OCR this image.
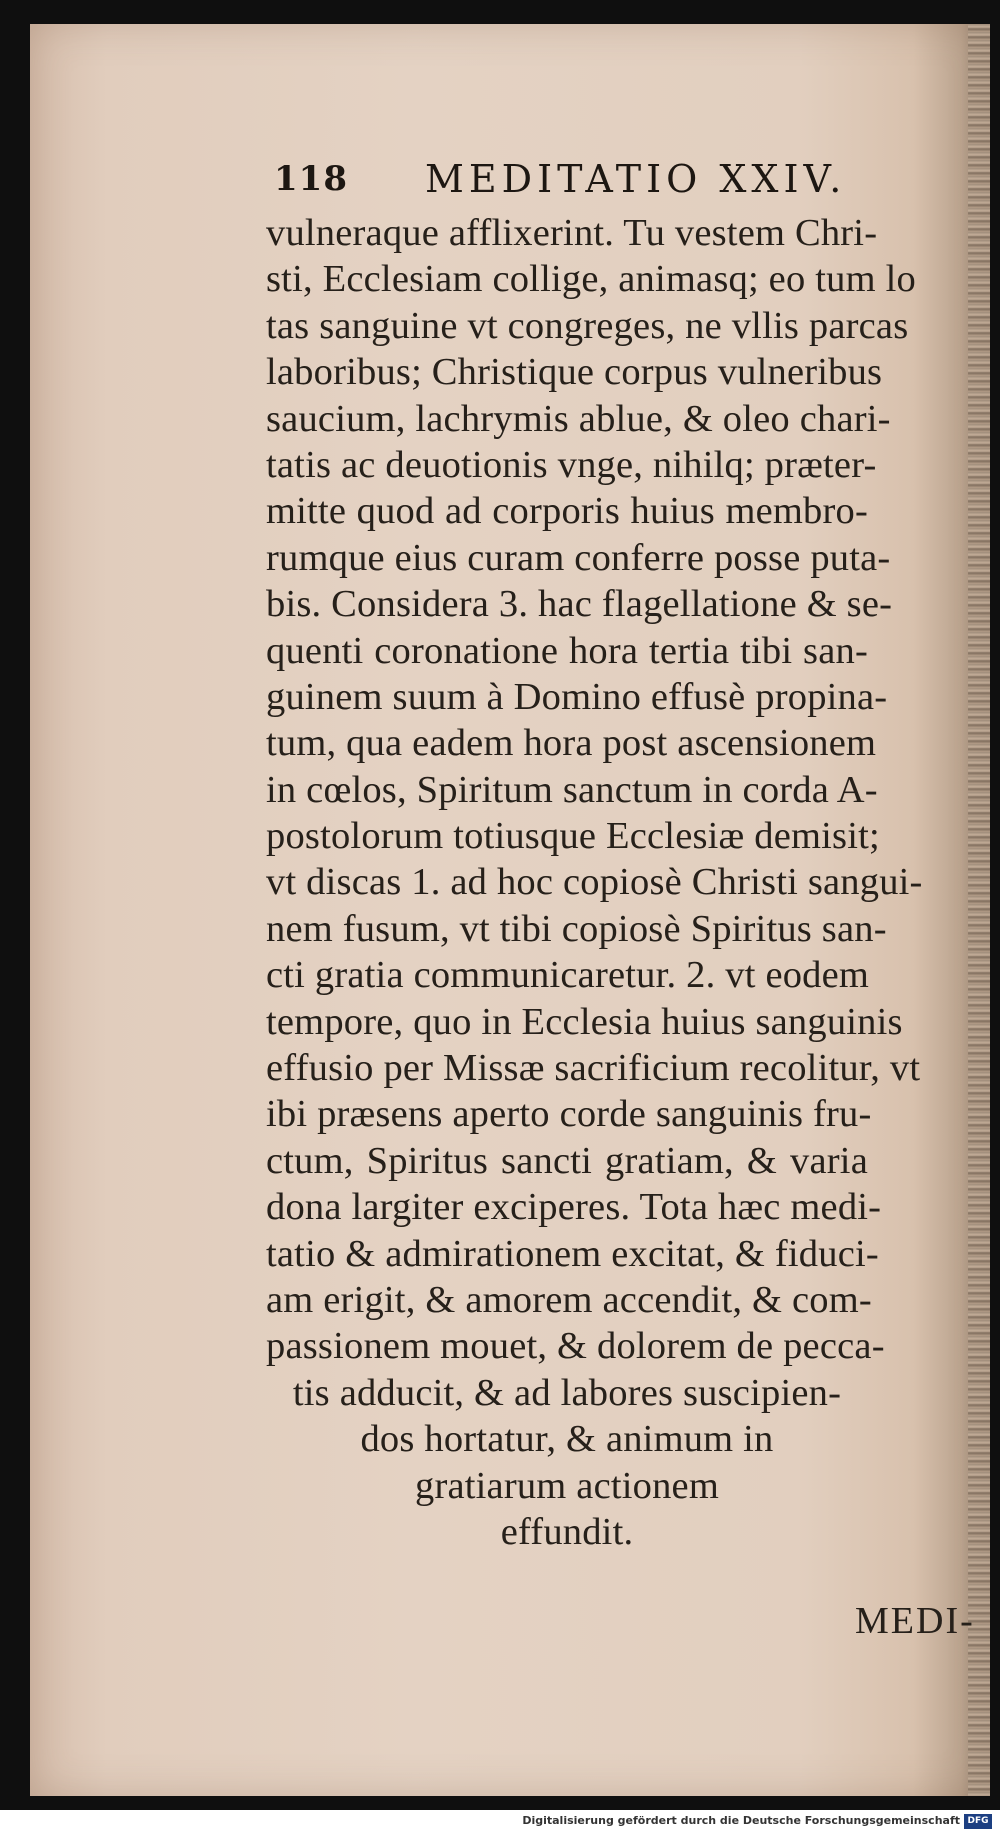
118 MEDITATIO XXIV.
vulneraque afflixerint. Tu vestem Chri-
sti, Ecclesiam collige, animasq; eo tum lo
tas sanguine vt congreges, ne vllis parcas
laboribus; Christique corpus vulneribus
saucium, lachrymis ablue, & oleo chari-
tatis ac deuotionis vnge, nihilq; præter-
mitte quod ad corporis huius membro-
rumque eius curam conferre posse puta-
bis. Considera 3. hac flagellatione & se-
quenti coronatione hora tertia tibi san-
guinem suum à Domino effusè propina-
tum, qua eadem hora post ascensionem
in cœlos, Spiritum sanctum in corda A-
postolorum totiusque Ecclesiæ demisit;
vt discas 1. ad hoc copiosè Christi sangui-
nem fusum, vt tibi copiosè Spiritus san-
cti gratia communicaretur. 2. vt eodem
tempore, quo in Ecclesia huius sanguinis
effusio per Missæ sacrificium recolitur, vt
ibi præsens aperto corde sanguinis fru-
ctum, Spiritus sancti gratiam, & varia
dona largiter exciperes. Tota hæc medi-
tatio & admirationem excitat, & fiduci-
am erigit, & amorem accendit, & com-
passionem mouet, & dolorem de pecca-
tis adducit, & ad labores suscipien-
dos hortatur, & animum in
gratiarum actionem
effundit.
MEDI-
Digitalisierung gefördert durch die Deutsche Forschungsgemeinschaft DFG
